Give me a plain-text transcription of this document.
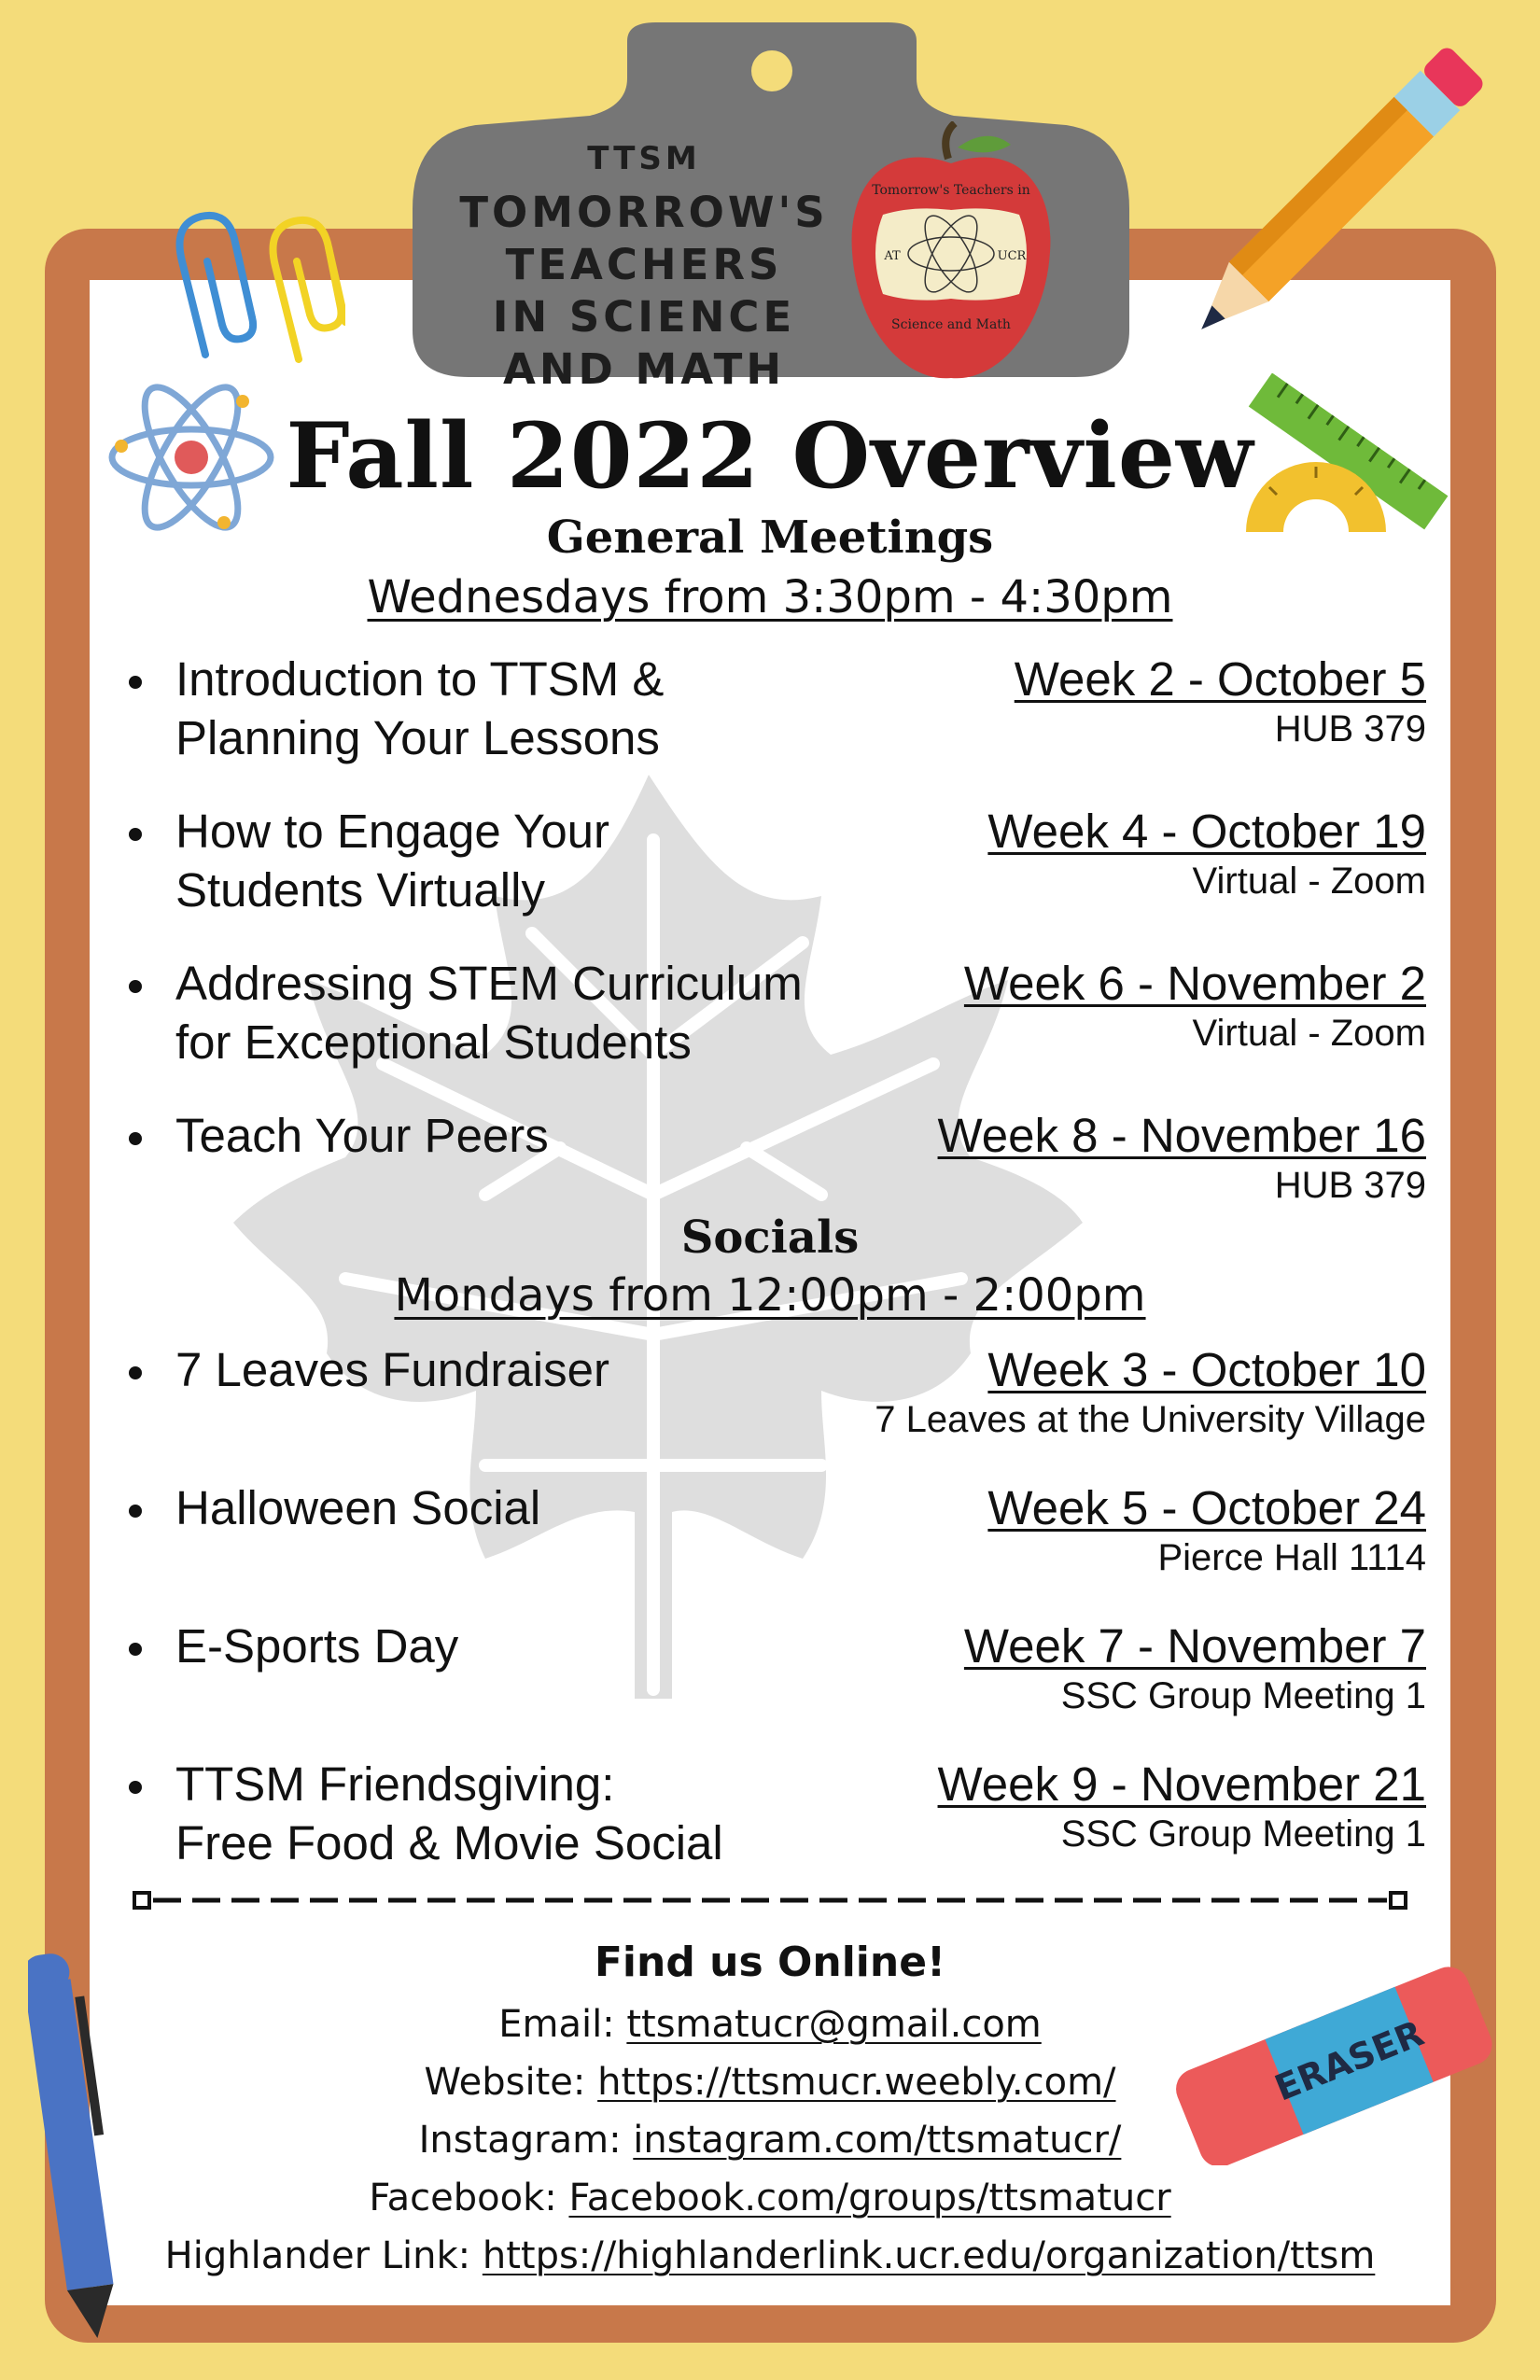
TTSM
TOMORROW'S
TEACHERS
IN SCIENCE
AND MATH
Tomorrow's Teachers in
AT	UCR
Science and Math
ERASER
Fall 2022 Overview
General Meetings
Wednesdays from 3:30pm - 4:30pm
Introduction to TTSM &
Planning Your Lessons
Week 2 - October 5
HUB 379
How to Engage Your
Students Virtually
Week 4 - October 19
Virtual - Zoom
Addressing STEM Curriculum
for Exceptional Students
Week 6 - November 2
Virtual - Zoom
Teach Your Peers	Week 8 - November 16
HUB 379
Socials
Mondays from 12:00pm - 2:00pm
7 Leaves Fundraiser	Week 3 - October 10
7 Leaves at the University Village
Halloween Social	Week 5 - October 24
Pierce Hall 1114
E-Sports Day	Week 7 - November 7
SSC Group Meeting 1
TTSM Friendsgiving:
Free Food & Movie Social
Week 9 - November 21
SSC Group Meeting 1
Find us Online!
Email: ttsmatucr@gmail.com
Website: https://ttsmucr.weebly.com/
Instagram: instagram.com/ttsmatucr/
Facebook: Facebook.com/groups/ttsmatucr
Highlander Link: https://highlanderlink.ucr.edu/organization/ttsm
